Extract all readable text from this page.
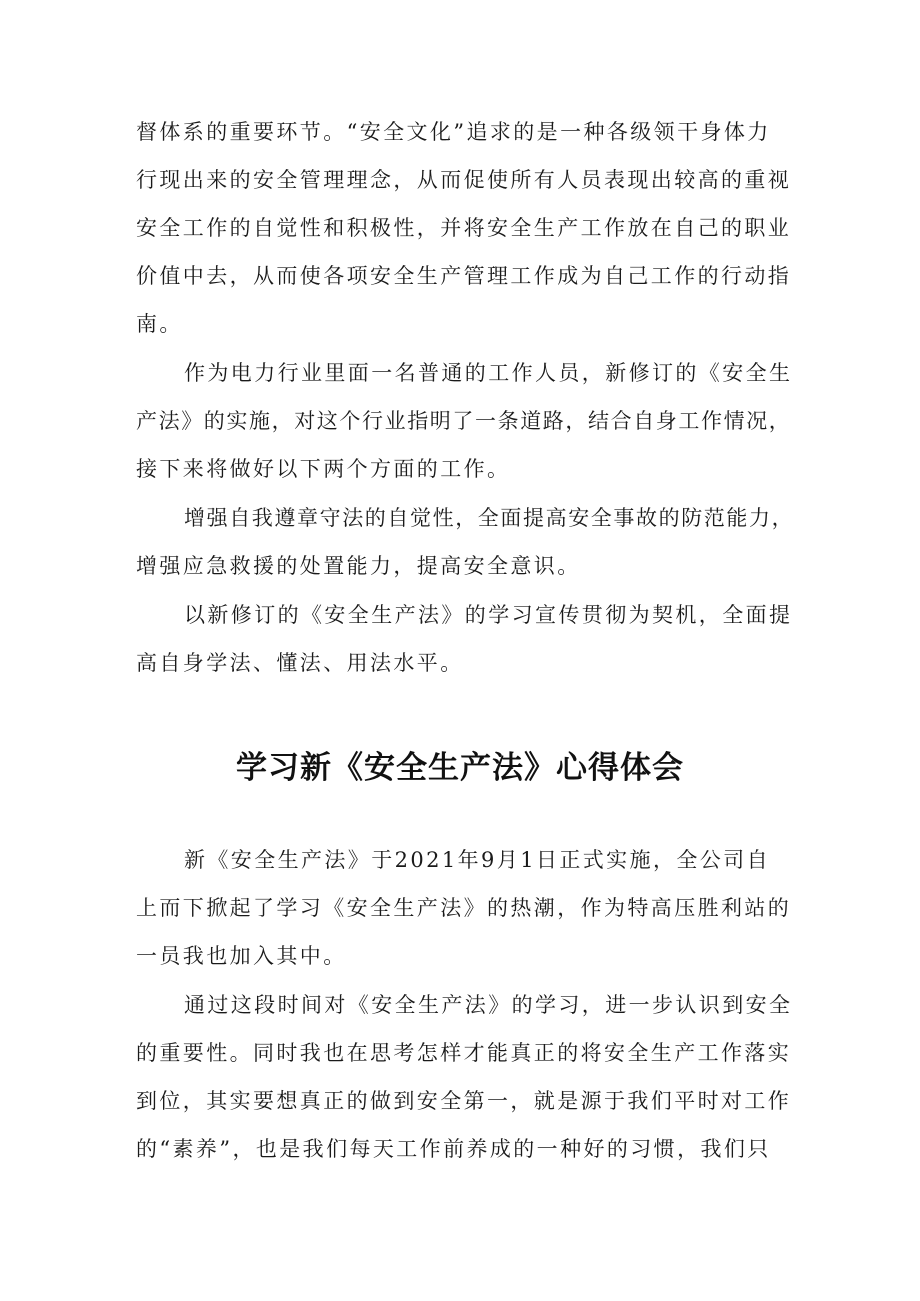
督体系的重要环节。“安全文化”追求的是一种各级领干身体力
行现出来的安全管理理念，从而促使所有人员表现出较高的重视
安全工作的自觉性和积极性，并将安全生产工作放在自己的职业
价值中去，从而使各项安全生产管理工作成为自己工作的行动指
南。
作为电力行业里面一名普通的工作人员，新修订的《安全生
产法》的实施，对这个行业指明了一条道路，结合自身工作情况，
接下来将做好以下两个方面的工作。
增强自我遵章守法的自觉性，全面提高安全事故的防范能力，
增强应急救援的处置能力，提高安全意识。
以新修订的《安全生产法》的学习宣传贯彻为契机，全面提
高自身学法、懂法、用法水平。
学习新《安全生产法》心得体会
新《安全生产法》于2021年9月1日正式实施，全公司自
上而下掀起了学习《安全生产法》的热潮，作为特高压胜利站的
一员我也加入其中。
通过这段时间对《安全生产法》的学习，进一步认识到安全
的重要性。同时我也在思考怎样才能真正的将安全生产工作落实
到位，其实要想真正的做到安全第一，就是源于我们平时对工作
的“素养”，也是我们每天工作前养成的一种好的习惯，我们只
